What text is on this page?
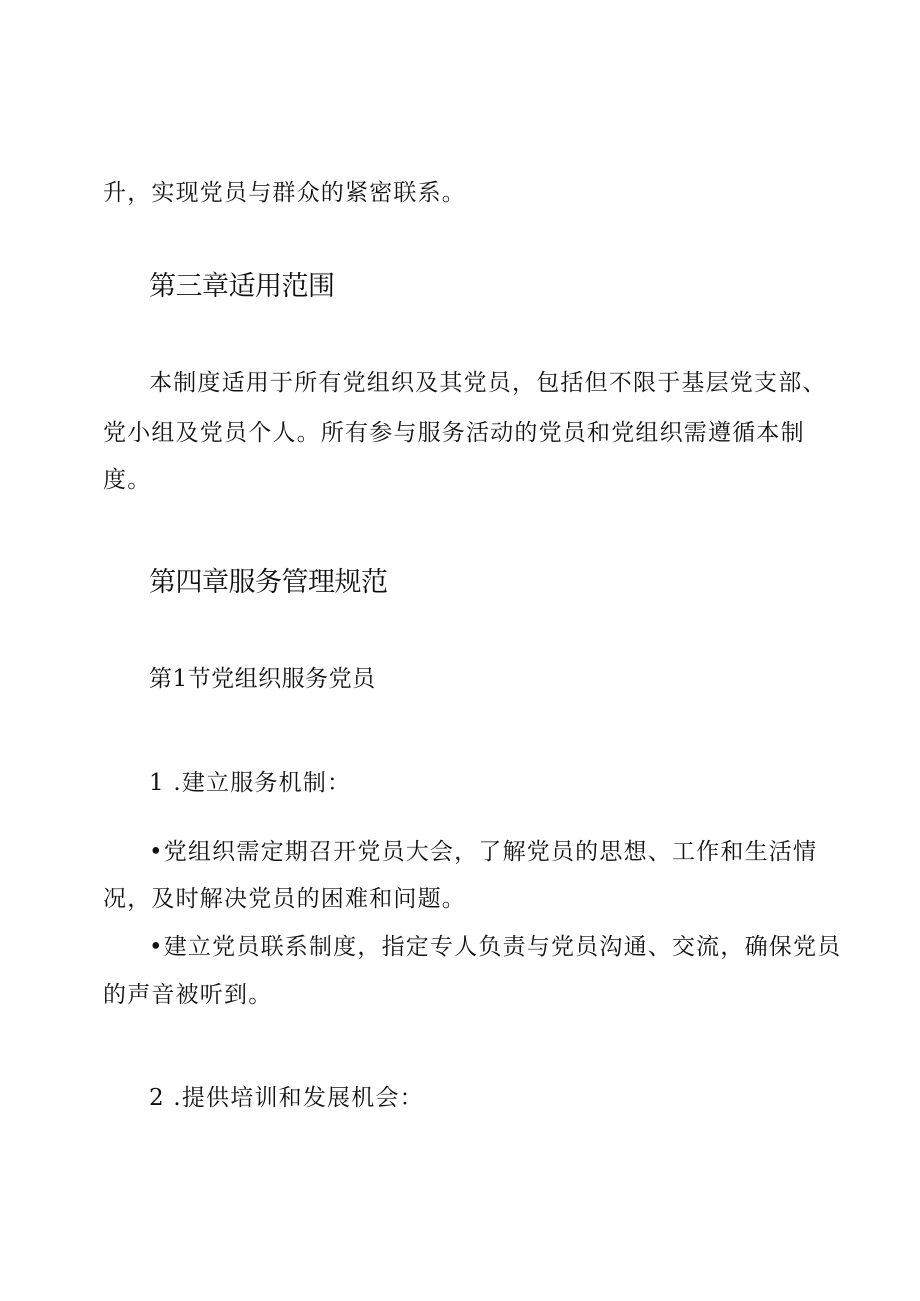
升，实现党员与群众的紧密联系。
第三章适用范围
本制度适用于所有党组织及其党员，包括但不限于基层党支部、
党小组及党员个人。所有参与服务活动的党员和党组织需遵循本制
度。
第四章服务管理规范
第1节党组织服务党员
1 .建立服务机制：
•党组织需定期召开党员大会，了解党员的思想、工作和生活情
况，及时解决党员的困难和问题。
•建立党员联系制度，指定专人负责与党员沟通、交流，确保党员
的声音被听到。
2 .提供培训和发展机会：
